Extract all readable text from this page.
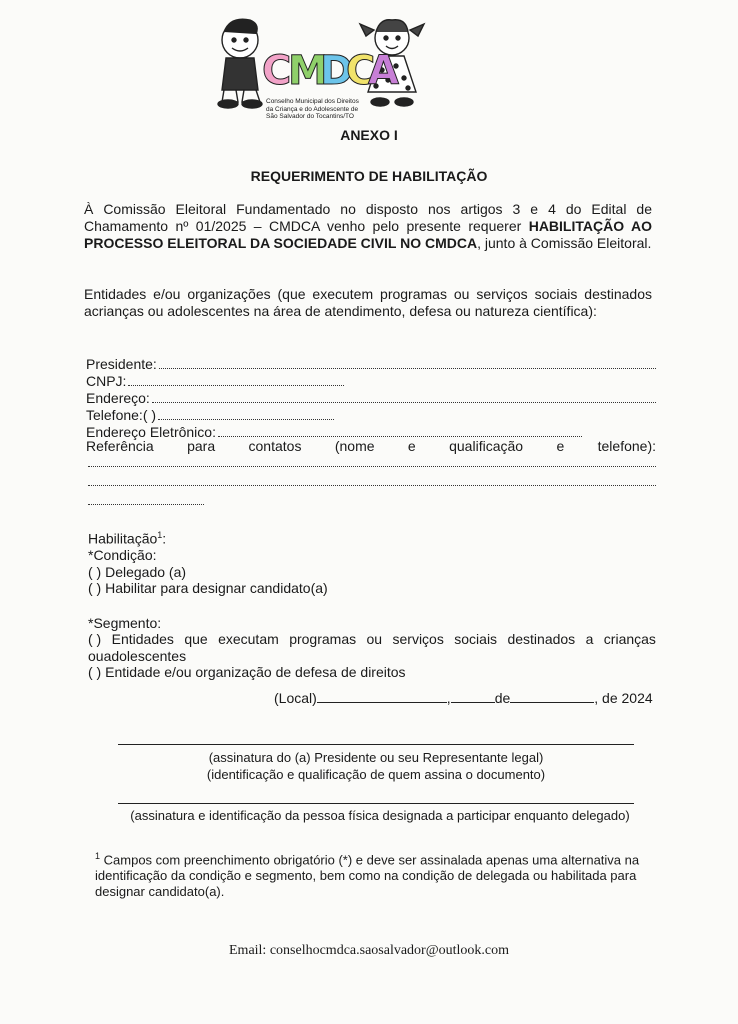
C
M
D
C
A
Conselho Municipal dos Direitos
da Criança e do Adolescente de
São Salvador do Tocantins/TO
ANEXO I
REQUERIMENTO DE HABILITAÇÃO
À Comissão Eleitoral Fundamentado no disposto nos artigos 3 e 4 do Edital de Chamamento nº 01/2025 – CMDCA venho pelo presente requerer HABILITAÇÃO AO PROCESSO ELEITORAL DA SOCIEDADE CIVIL NO CMDCA, junto à Comissão Eleitoral.
Entidades e/ou organizações (que executem programas ou serviços sociais destinados acrianças ou adolescentes na área de atendimento, defesa ou natureza científica):
Presidente:
CNPJ:
Endereço:
Telefone:( )
Endereço Eletrônico:
Referência para contatos (nome e qualificação e telefone):
Habilitação$^1$:
*Condição:
( ) Delegado (a)
( ) Habilitar para designar candidato(a)
*Segmento:
( ) Entidades que executam programas ou serviços sociais destinados a crianças
ouadolescentes
( ) Entidade e/ou organização de defesa de direitos
(Local)	,	de	, de 2024
(assinatura do (a) Presidente ou seu Representante legal)
(identificação e qualificação de quem assina o documento)
(assinatura e identificação da pessoa física designada a participar enquanto delegado)
$^1$ Campos com preenchimento obrigatório (*) e deve ser assinalada apenas uma alternativa na identificação da condição e segmento, bem como na condição de delegada ou habilitada para designar candidato(a).
Email: conselhocmdca.saosalvador@outlook.com
